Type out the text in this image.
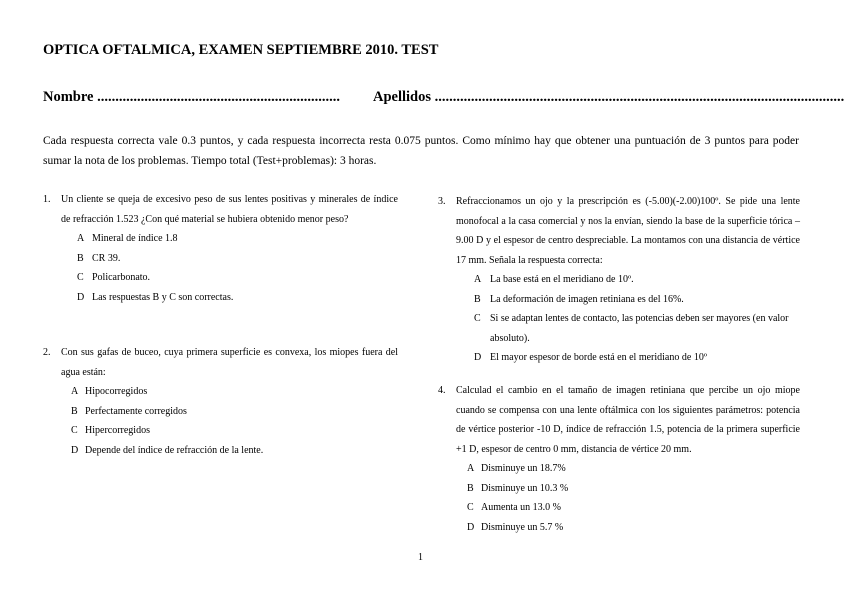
OPTICA OFTALMICA, EXAMEN SEPTIEMBRE 2010. TEST
Nombre ................................................................... Apellidos .................................................................................................................
Cada respuesta correcta vale 0.3 puntos, y cada respuesta incorrecta resta 0.075 puntos. Como mínimo hay que obtener una puntuación de 3 puntos para poder sumar la nota de los problemas. Tiempo total (Test+problemas): 3 horas.
1. Un cliente se queja de excesivo peso de sus lentes positivas y minerales de índice de refracción 1.523 ¿Con qué material se hubiera obtenido menor peso?
A Mineral de índice 1.8
B CR 39.
C Policarbonato.
D Las respuestas B y C son correctas.
2. Con sus gafas de buceo, cuya primera superficie es convexa, los miopes fuera del agua están:
A Hipocorregidos
B Perfectamente corregidos
C Hipercorregidos
D Depende del índice de refracción de la lente.
3. Refraccionamos un ojo y la prescripción es (-5.00)(-2.00)100º. Se pide una lente monofocal a la casa comercial y nos la envían, siendo la base de la superficie tórica –9.00 D y el espesor de centro despreciable. La montamos con una distancia de vértice 17 mm. Señala la respuesta correcta:
A La base está en el meridiano de 10º.
B La deformación de imagen retiniana es del 16%.
C Si se adaptan lentes de contacto, las potencias deben ser mayores (en valor absoluto).
D El mayor espesor de borde está en el meridiano de 10º
4. Calculad el cambio en el tamaño de imagen retiniana que percibe un ojo miope cuando se compensa con una lente oftálmica con los siguientes parámetros: potencia de vértice posterior -10 D, índice de refracción 1.5, potencia de la primera superficie +1 D, espesor de centro 0 mm, distancia de vértice 20 mm.
A Disminuye un 18.7%
B Disminuye un 10.3 %
C Aumenta un 13.0 %
D Disminuye un 5.7 %
1
